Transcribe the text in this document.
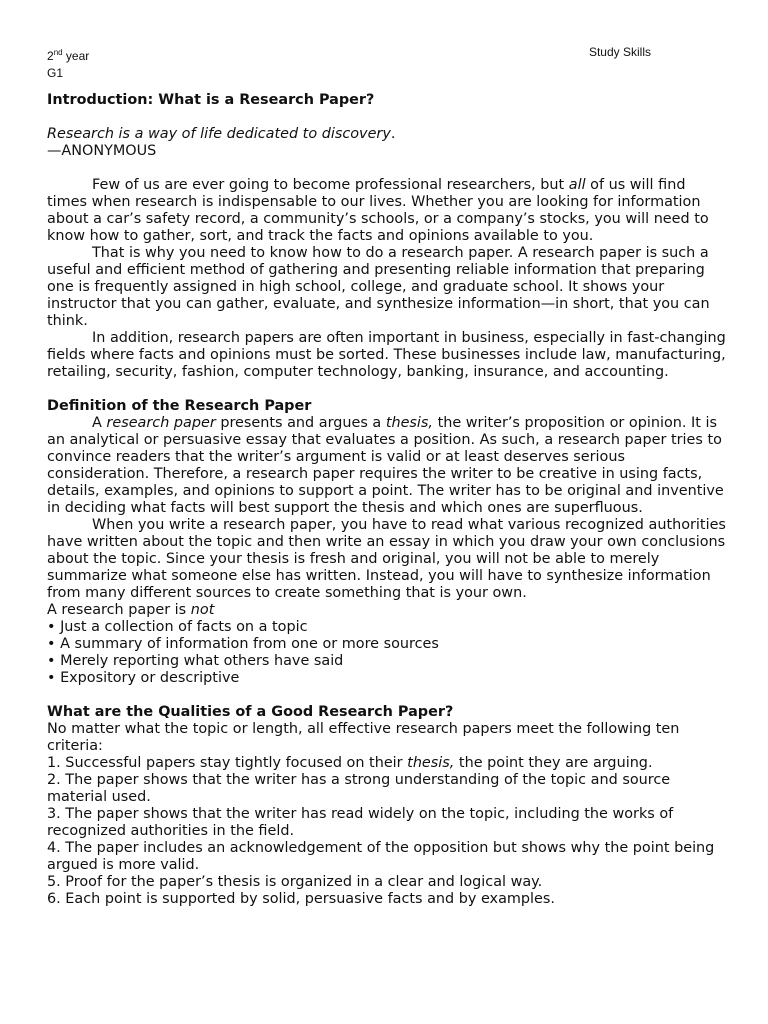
2nd year	Study Skills
G1
Introduction: What is a Research Paper?

Research is a way of life dedicated to discovery.

—ANONYMOUS

Few of us are ever going to become professional researchers, but all of us will find times when research is indispensable to our lives. Whether you are looking for information about a car’s safety record, a community’s schools, or a company’s stocks, you will need to know how to gather, sort, and track the facts and opinions available to you.

That is why you need to know how to do a research paper. A research paper is such a useful and efficient method of gathering and presenting reliable information that preparing one is frequently assigned in high school, college, and graduate school. It shows your instructor that you can gather, evaluate, and synthesize information—in short, that you can think.

In addition, research papers are often important in business, especially in fast-changing fields where facts and opinions must be sorted. These businesses include law, manufacturing, retailing, security, fashion, computer technology, banking, insurance, and accounting.

Definition of the Research Paper

A research paper presents and argues a thesis, the writer’s proposition or opinion. It is an analytical or persuasive essay that evaluates a position. As such, a research paper tries to convince readers that the writer’s argument is valid or at least deserves serious consideration. Therefore, a research paper requires the writer to be creative in using facts, details, examples, and opinions to support a point. The writer has to be original and inventive in deciding what facts will best support the thesis and which ones are superfluous.

When you write a research paper, you have to read what various recognized authorities have written about the topic and then write an essay in which you draw your own conclusions about the topic. Since your thesis is fresh and original, you will not be able to merely summarize what someone else has written. Instead, you will have to synthesize information from many different sources to create something that is your own.

A research paper is not

• Just a collection of facts on a topic
• A summary of information from one or more sources
• Merely reporting what others have said
• Expository or descriptive
What are the Qualities of a Good Research Paper?

No matter what the topic or length, all effective research papers meet the following ten criteria:

1. Successful papers stay tightly focused on their thesis, the point they are arguing.
2. The paper shows that the writer has a strong understanding of the topic and source material used.
3. The paper shows that the writer has read widely on the topic, including the works of recognized authorities in the field.
4. The paper includes an acknowledgement of the opposition but shows why the point being argued is more valid.
5. Proof for the paper’s thesis is organized in a clear and logical way.
6. Each point is supported by solid, persuasive facts and by examples.
